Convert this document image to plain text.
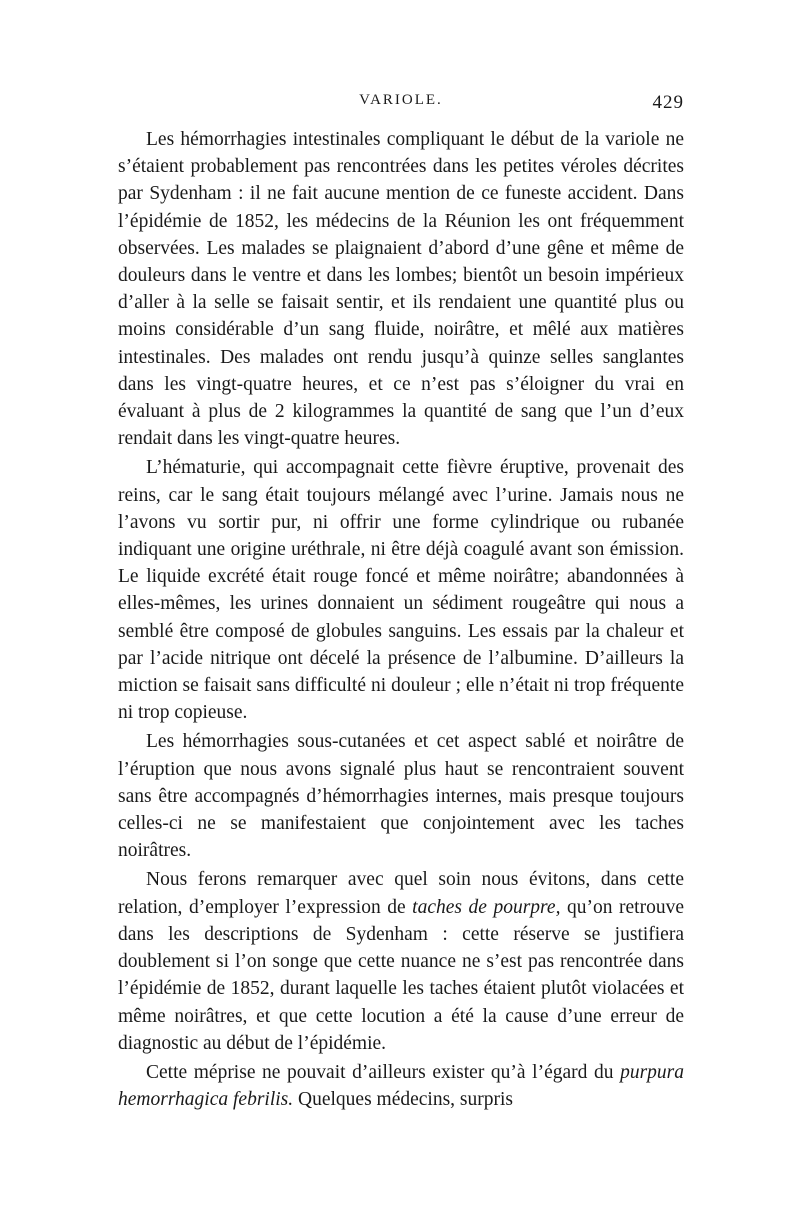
VARIOLE.	429

Les hémorrhagies intestinales compliquant le début de la variole ne s’étaient probablement pas rencontrées dans les petites véroles décrites par Sydenham : il ne fait aucune mention de ce funeste accident. Dans l’épidémie de 1852, les médecins de la Réunion les ont fréquemment observées. Les malades se plaignaient d’abord d’une gêne et même de douleurs dans le ventre et dans les lombes; bientôt un besoin impérieux d’aller à la selle se faisait sentir, et ils rendaient une quantité plus ou moins considérable d’un sang fluide, noirâtre, et mêlé aux matières intestinales. Des malades ont rendu jusqu’à quinze selles sanglantes dans les vingt-quatre heures, et ce n’est pas s’éloigner du vrai en évaluant à plus de 2 kilogrammes la quantité de sang que l’un d’eux rendait dans les vingt-quatre heures.

L’hématurie, qui accompagnait cette fièvre éruptive, provenait des reins, car le sang était toujours mélangé avec l’urine. Jamais nous ne l’avons vu sortir pur, ni offrir une forme cylindrique ou rubanée indiquant une origine uréthrale, ni être déjà coagulé avant son émission. Le liquide excrété était rouge foncé et même noirâtre; abandonnées à elles-mêmes, les urines donnaient un sédiment rougeâtre qui nous a semblé être composé de globules sanguins. Les essais par la chaleur et par l’acide nitrique ont décelé la présence de l’albumine. D’ailleurs la miction se faisait sans difficulté ni douleur ; elle n’était ni trop fréquente ni trop copieuse.

Les hémorrhagies sous-cutanées et cet aspect sablé et noirâtre de l’éruption que nous avons signalé plus haut se rencontraient souvent sans être accompagnés d’hémorrhagies internes, mais presque toujours celles-ci ne se manifestaient que conjointement avec les taches noirâtres.

Nous ferons remarquer avec quel soin nous évitons, dans cette relation, d’employer l’expression de taches de pourpre, qu’on retrouve dans les descriptions de Sydenham : cette réserve se justifiera doublement si l’on songe que cette nuance ne s’est pas rencontrée dans l’épidémie de 1852, durant laquelle les taches étaient plutôt violacées et même noirâtres, et que cette locution a été la cause d’une erreur de diagnostic au début de l’épidémie.

Cette méprise ne pouvait d’ailleurs exister qu’à l’égard du purpura hemorrhagica febrilis. Quelques médecins, surpris
